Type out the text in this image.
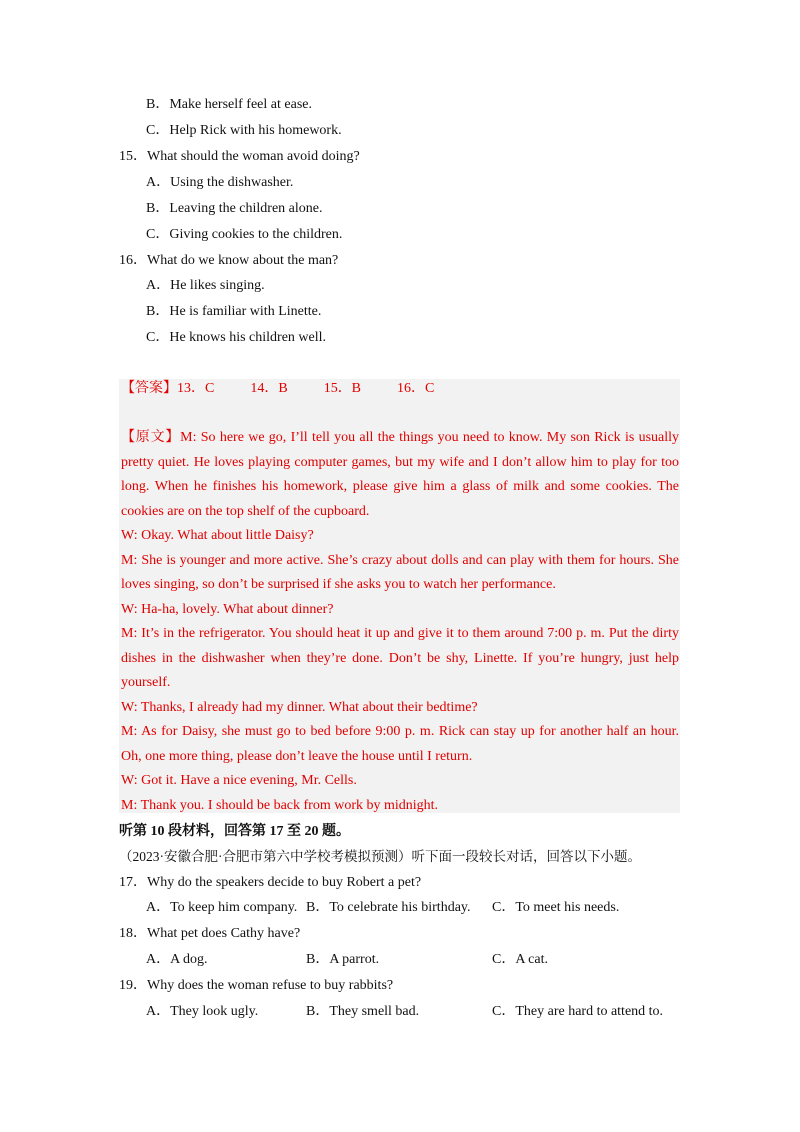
B．Make herself feel at ease.
C．Help Rick with his homework.
15．What should the woman avoid doing?
A．Using the dishwasher.
B．Leaving the children alone.
C．Giving cookies to the children.
16．What do we know about the man?
A．He likes singing.
B．He is familiar with Linette.
C．He knows his children well.
【答案】13．C	14．B	15．B	16．C

【原文】M: So here we go, I’ll tell you all the things you need to know. My son Rick is usually pretty quiet. He loves playing computer games, but my wife and I don’t allow him to play for too long. When he finishes his homework, please give him a glass of milk and some cookies. The cookies are on the top shelf of the cupboard.

W: Okay. What about little Daisy?

M: She is younger and more active. She’s crazy about dolls and can play with them for hours. She loves singing, so don’t be surprised if she asks you to watch her performance.

W: Ha-ha, lovely. What about dinner?

M: It’s in the refrigerator. You should heat it up and give it to them around 7:00 p. m. Put the dirty dishes in the dishwasher when they’re done. Don’t be shy, Linette. If you’re hungry, just help yourself.

W: Thanks, I already had my dinner. What about their bedtime?

M: As for Daisy, she must go to bed before 9:00 p. m. Rick can stay up for another half an hour. Oh, one more thing, please don’t leave the house until I return.

W: Got it. Have a nice evening, Mr. Cells.

M: Thank you. I should be back from work by midnight.

听第 10 段材料，回答第 17 至 20 题。
（2023·安徽合肥·合肥市第六中学校考模拟预测）听下面一段较长对话，回答以下小题。
17．Why do the speakers decide to buy Robert a pet?
A．To keep him company. B．To celebrate his birthday. C．To meet his needs.
18．What pet does Cathy have?
A．A dog.	B．A parrot.	C．A cat.
19．Why does the woman refuse to buy rabbits?
A．They look ugly.	B．They smell bad.	C．They are hard to attend to.
